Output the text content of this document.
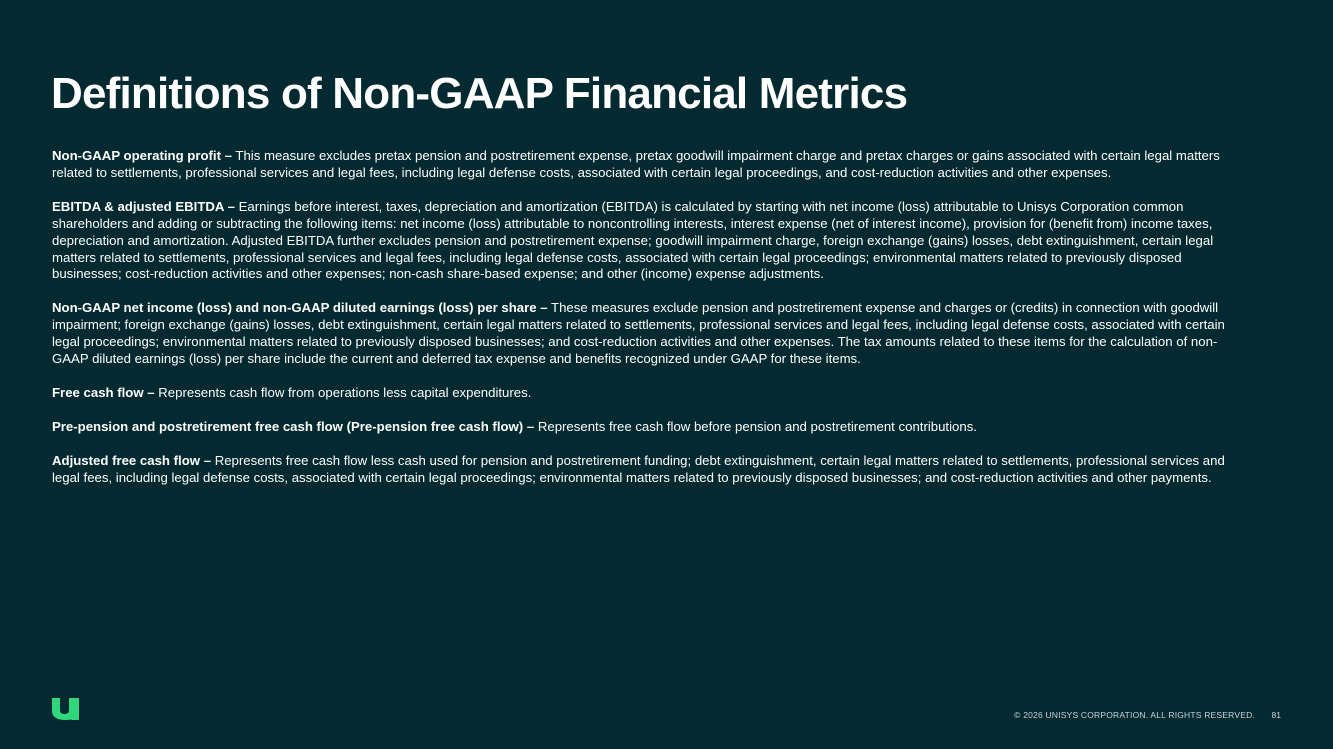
Definitions of Non-GAAP Financial Metrics

Non-GAAP operating profit – This measure excludes pretax pension and postretirement expense, pretax goodwill impairment charge and pretax charges or gains associated with certain legal matters related to settlements, professional services and legal fees, including legal defense costs, associated with certain legal proceedings, and cost-reduction activities and other expenses.

EBITDA & adjusted EBITDA – Earnings before interest, taxes, depreciation and amortization (EBITDA) is calculated by starting with net income (loss) attributable to Unisys Corporation common shareholders and adding or subtracting the following items: net income (loss) attributable to noncontrolling interests, interest expense (net of interest income), provision for (benefit from) income taxes, depreciation and amortization. Adjusted EBITDA further excludes pension and postretirement expense; goodwill impairment charge, foreign exchange (gains) losses, debt extinguishment, certain legal matters related to settlements, professional services and legal fees, including legal defense costs, associated with certain legal proceedings; environmental matters related to previously disposed businesses; cost-reduction activities and other expenses; non-cash share-based expense; and other (income) expense adjustments.

Non-GAAP net income (loss) and non-GAAP diluted earnings (loss) per share – These measures exclude pension and postretirement expense and charges or (credits) in connection with goodwill impairment; foreign exchange (gains) losses, debt extinguishment, certain legal matters related to settlements, professional services and legal fees, including legal defense costs, associated with certain legal proceedings; environmental matters related to previously disposed businesses; and cost-reduction activities and other expenses. The tax amounts related to these items for the calculation of non-GAAP diluted earnings (loss) per share include the current and deferred tax expense and benefits recognized under GAAP for these items.

Free cash flow – Represents cash flow from operations less capital expenditures.

Pre-pension and postretirement free cash flow (Pre-pension free cash flow) – Represents free cash flow before pension and postretirement contributions.

Adjusted free cash flow – Represents free cash flow less cash used for pension and postretirement funding; debt extinguishment, certain legal matters related to settlements, professional services and legal fees, including legal defense costs, associated with certain legal proceedings; environmental matters related to previously disposed businesses; and cost-reduction activities and other payments.

© 2026 UNISYS CORPORATION. ALL RIGHTS RESERVED. 81
